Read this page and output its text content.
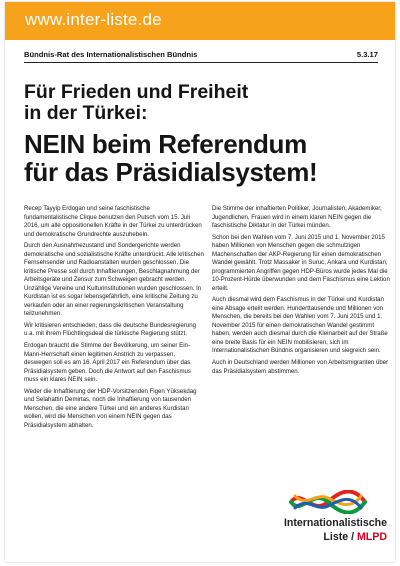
www.inter-liste.de
Bündnis-Rat des Internationalistischen Bündnis	5.3.17
Für Frieden und Freiheit
in der Türkei:
NEIN beim Referendum
für das Präsidialsystem!

Recep Tayyip Erdogan und seine faschistische fundamentalistische Clique benutzen den Putsch vom 15. Juli 2016, um alle oppositionellen Kräfte in der Türkei zu unterdrücken und demokratische Grundrechte auszuhebeln.

Durch den Ausnahmezustand und Sondergerichte werden demokratische und sozialistische Kräfte unterdrückt. Alle kritischen Fernsehsender und Radioanstalten wurden geschlossen. Die kritische Presse soll durch Inhaftierungen, Beschlagnahmung der Arbeitsgeräte und Zensur zum Schweigen gebracht werden. Unzählige Vereine und Kulturinstitutionen wurden geschlossen. In Kurdistan ist es sogar lebensgefährlich, eine kritische Zeitung zu verkaufen oder an einer regierungskritischen Veranstaltung teilzunehmen.

Wir kritisieren entschieden, dass die deutsche Bundesregierung u.a. mit ihrem Flüchtlingsdeal die türkische Regierung stützt.

Erdogan braucht die Stimme der Bevölkerung, um seiner Ein-Mann-Herrschaft einen legitimen Anstrich zu verpassen, deswegen soll es am 16. April 2017 ein Referendum über das Präsidialsystem geben. Doch die Antwort auf den Faschismus muss ein klares NEIN sein.

Weder die Inhaftierung der HDP-Vorsitzenden Figen Yüksekdag und Selahattin Demirtas, noch die Inhaftierung von tausenden Menschen, die eine andere Türkei und ein anderes Kurdistan wollen, wird die Menschen von einem NEIN gegen das Präsidialsystem abhalten.

Die Stimme der inhaftierten Politiker, Journalisten, Akademiker, Jugendlichen, Frauen wird in einem klaren NEIN gegen die faschistische Diktatur in der Türkei münden.

Schon bei den Wahlen vom 7. Juni 2015 und 1. November 2015 haben Millionen von Menschen gegen die schmutzigen Machenschaften der AKP-Regierung für einen demokratischen Wandel gewählt. Trotz Massaker in Suruc, Ankara und Kurdistan, programmierten Angriffen gegen HDP-Büros wurde jedes Mal die 10-Prozent-Hürde überwunden und dem Faschismus eine Lektion erteilt.

Auch diesmal wird dem Faschismus in der Türkei und Kurdistan eine Absage erteilt werden. Hunderttausende und Millionen von Menschen, die bereits bei den Wahlen vom 7. Juni 2015 und 1. November 2015 für einen demokratischen Wandel gestimmt haben, werden auch diesmal durch die Kleinarbeit auf der Straße eine breite Basis für ein NEIN mobilisieren, sich im Internationalistischen Bündnis organisieren und siegreich sein.

Auch in Deutschland werden Millionen von Arbeitsmigranten über das Präsidialsystem abstimmen.

Internationalistische
Liste / MLPD
